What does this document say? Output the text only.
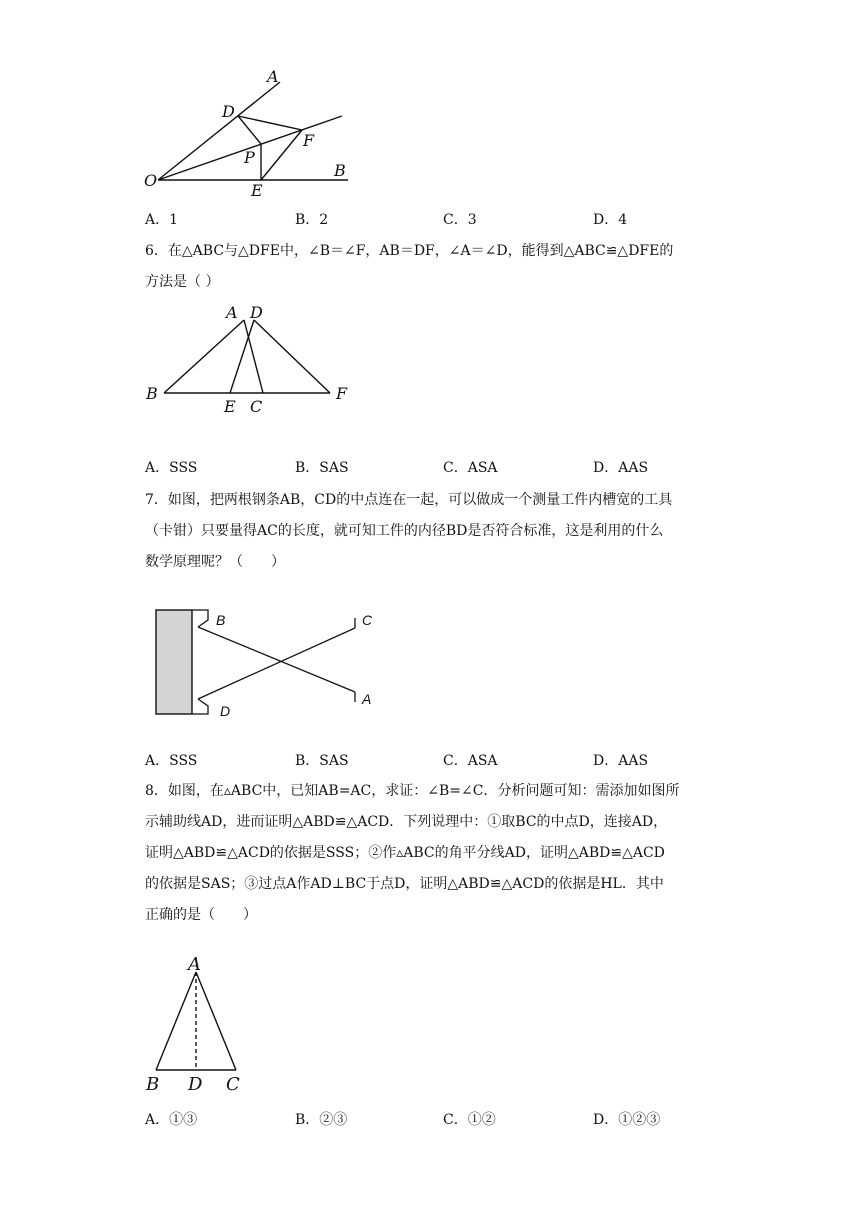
A
D
F
P
O
E
B
A．1	B．2	C．3	D．4

6．在△ABC与△DFE中，∠B＝∠F，AB＝DF，∠A＝∠D，能得到△ABC≌△DFE的

方法是（ ）

A D
B
E C
F
A．SSS	B．SAS	C．ASA	D．AAS

7．如图，把两根钢条AB，CD的中点连在一起，可以做成一个测量工件内槽宽的工具

（卡钳）只要量得AC的长度，就可知工件的内径BD是否符合标准，这是利用的什么

数学原理呢？（　　）

B	C
A
D
A．SSS	B．SAS	C．ASA	D．AAS

8．如图，在▵ABC中，已知AB=AC，求证：∠B=∠C．分析问题可知：需添加如图所

示辅助线AD，进而证明△ABD≌△ACD．下列说理中：①取BC的中点D，连接AD，

证明△ABD≌△ACD的依据是SSS；②作▵ABC的角平分线AD，证明△ABD≌△ACD

的依据是SAS；③过点A作AD⊥BC于点D，证明△ABD≌△ACD的依据是HL．其中

正确的是（　　）

A
B D C
A．①③	B．②③	C．①②	D．①②③
